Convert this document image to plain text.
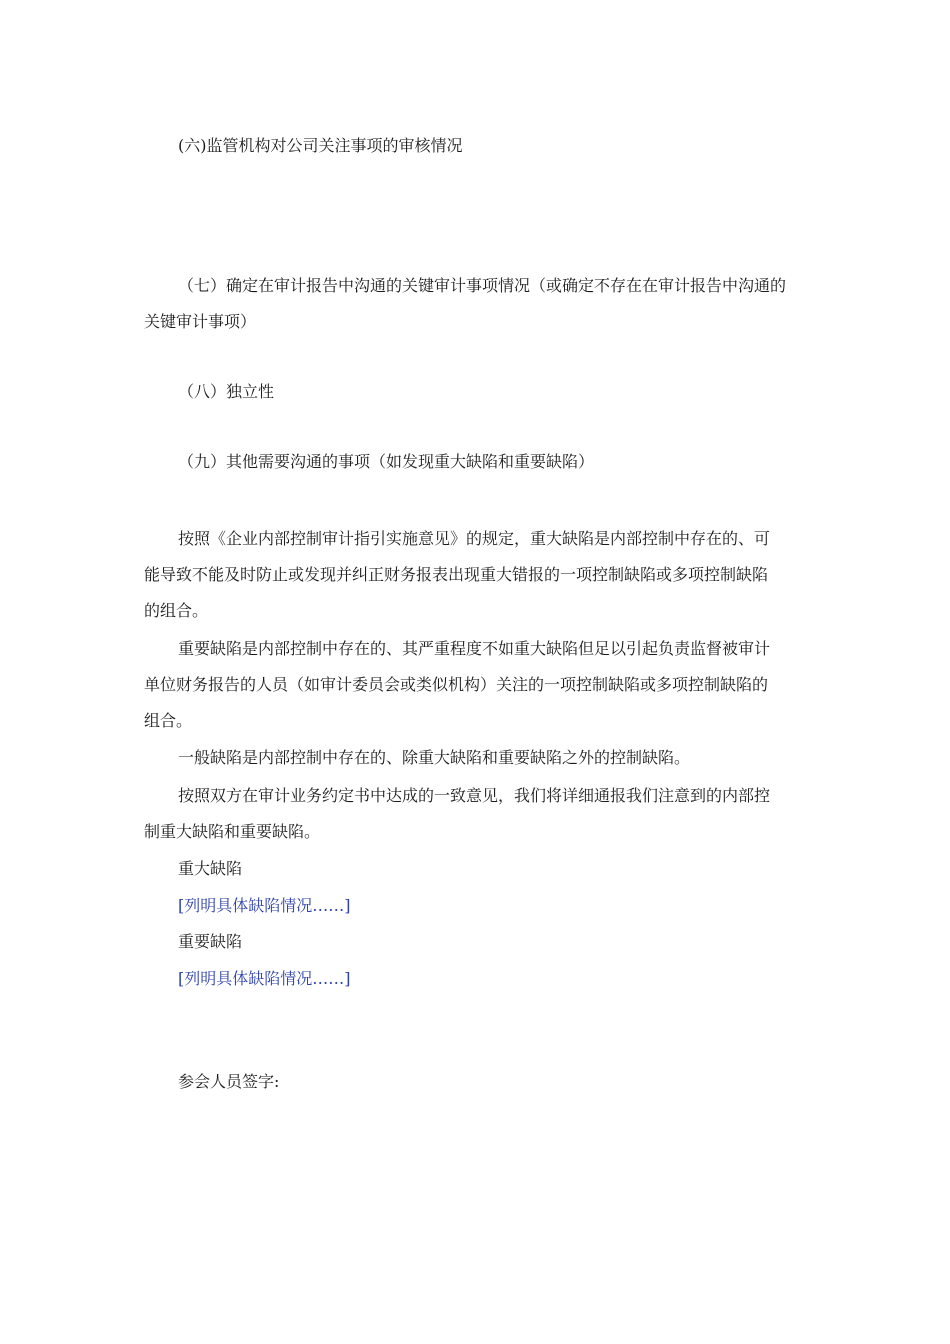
(六)监管机构对公司关注事项的审核情况

（七）确定在审计报告中沟通的关键审计事项情况（或确定不存在在审计报告中沟通的

关键审计事项）

（八）独立性

（九）其他需要沟通的事项（如发现重大缺陷和重要缺陷）

按照《企业内部控制审计指引实施意见》的规定，重大缺陷是内部控制中存在的、可

能导致不能及时防止或发现并纠正财务报表出现重大错报的一项控制缺陷或多项控制缺陷

的组合。

重要缺陷是内部控制中存在的、其严重程度不如重大缺陷但足以引起负责监督被审计

单位财务报告的人员（如审计委员会或类似机构）关注的一项控制缺陷或多项控制缺陷的

组合。

一般缺陷是内部控制中存在的、除重大缺陷和重要缺陷之外的控制缺陷。

按照双方在审计业务约定书中达成的一致意见，我们将详细通报我们注意到的内部控

制重大缺陷和重要缺陷。

重大缺陷

[列明具体缺陷情况……]

重要缺陷

[列明具体缺陷情况……]

参会人员签字:
